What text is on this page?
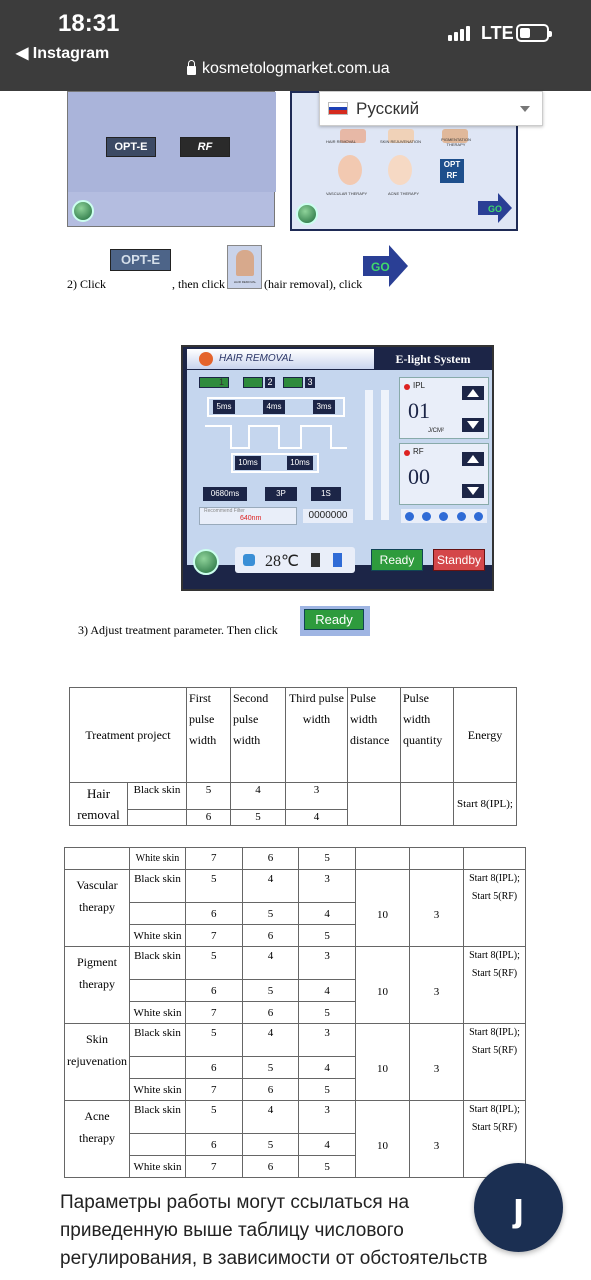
18:31
◀ Instagram
LTE
kosmetologmarket.com.ua
OPT-E	RF	HAIR REMOVAL	SKIN REJUVENATION	PIGMENTATION THERAPY
OPT RF
VASCULAR THERAPY	ACNE THERAPY
GO
Русский
OPT-E
HAIR REMOVAL
GO
2) Click	, then click	(hair removal), click
HAIR REMOVAL	E-light System
1	2	3
5ms	4ms	3ms
10ms	10ms
IPL
01
J/CM²
RF
00
0680ms	3P	1S
Recommend Filter
640nm	0000000
28℃	Ready	Standby
3) Adjust treatment parameter. Then click
Ready
Treatment project		First pulse width	Second pulse width	Third pulse width	Pulse width distance	Pulse width quantity	Energy
Hair removal	Black skin	5	4	3			Start 8(IPL);
		6	5	4			
	White skin	7	6	5			
Vascular therapy	Black skin	5	4	3	10	3	Start 8(IPL); Start 5(RF)
		6	5	4			
	White skin	7	6	5			
Pigment therapy	Black skin	5	4	3	10	3	Start 8(IPL); Start 5(RF)
		6	5	4			
	White skin	7	6	5			
Skin rejuvenation	Black skin	5	4	3	10	3	Start 8(IPL); Start 5(RF)
		6	5	4			
	White skin	7	6	5			
Acne therapy	Black skin	5	4	3	10	3	Start 8(IPL); Start 5(RF)
		6	5	4			
	White skin	7	6	5			
Параметры работы могут ссылаться на приведенную выше таблицу числового регулирования, в зависимости от обстоятельств
ȷ
